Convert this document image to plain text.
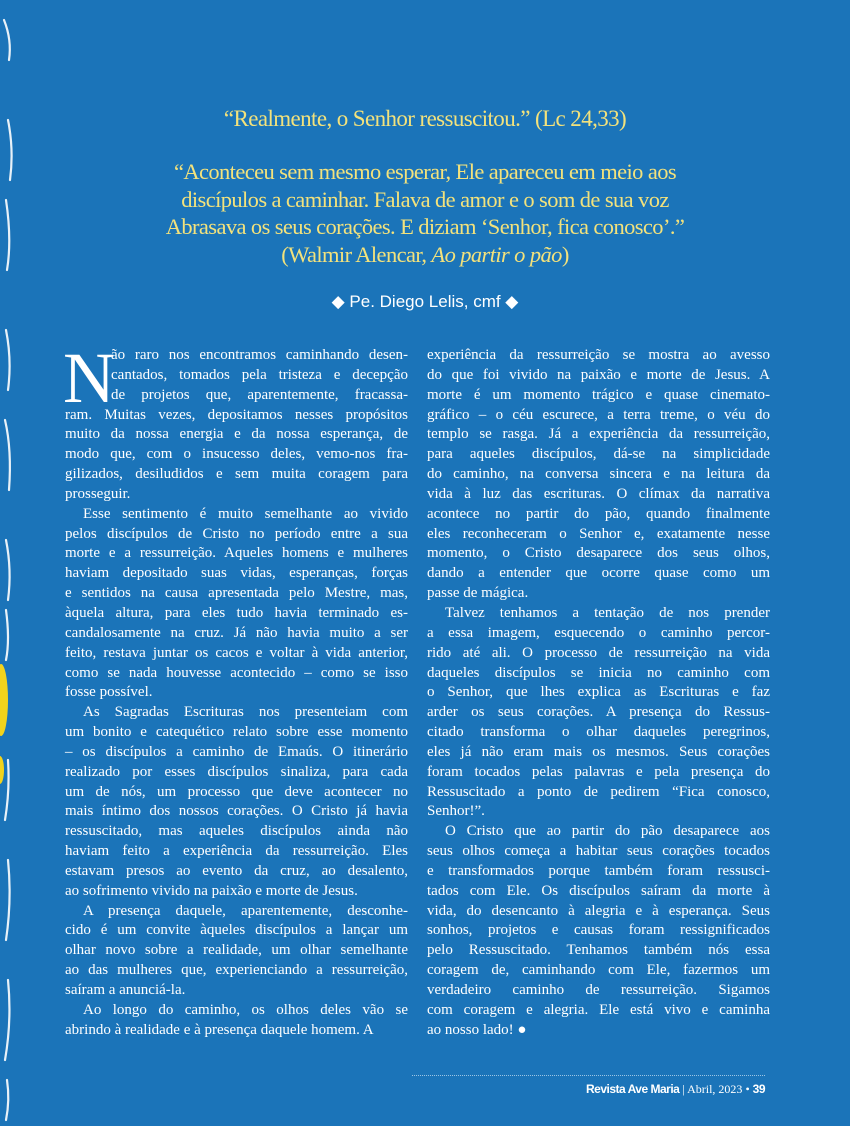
“Realmente, o Senhor ressuscitou.” (Lc 24,33)
“Aconteceu sem mesmo esperar, Ele apareceu em meio aos
discípulos a caminhar. Falava de amor e o som de sua voz
Abrasava os seus corações. E diziam ‘Senhor, fica conosco’.”
(Walmir Alencar, Ao partir o pão)
◆ Pe. Diego Lelis, cmf ◆
N
ão raro nos encontramos caminhando desen-
cantados, tomados pela tristeza e decepção
de projetos que, aparentemente, fracassa-
ram. Muitas vezes, depositamos nesses propósitos
muito da nossa energia e da nossa esperança, de
modo que, com o insucesso deles, vemo-nos fra-
gilizados, desiludidos e sem muita coragem para
prosseguir.
Esse sentimento é muito semelhante ao vivido
pelos discípulos de Cristo no período entre a sua
morte e a ressurreição. Aqueles homens e mulheres
haviam depositado suas vidas, esperanças, forças
e sentidos na causa apresentada pelo Mestre, mas,
àquela altura, para eles tudo havia terminado es-
candalosamente na cruz. Já não havia muito a ser
feito, restava juntar os cacos e voltar à vida anterior,
como se nada houvesse acontecido – como se isso
fosse possível.
As Sagradas Escrituras nos presenteiam com
um bonito e catequético relato sobre esse momento
– os discípulos a caminho de Emaús. O itinerário
realizado por esses discípulos sinaliza, para cada
um de nós, um processo que deve acontecer no
mais íntimo dos nossos corações. O Cristo já havia
ressuscitado, mas aqueles discípulos ainda não
haviam feito a experiência da ressurreição. Eles
estavam presos ao evento da cruz, ao desalento,
ao sofrimento vivido na paixão e morte de Jesus.
A presença daquele, aparentemente, desconhe-
cido é um convite àqueles discípulos a lançar um
olhar novo sobre a realidade, um olhar semelhante
ao das mulheres que, experienciando a ressurreição,
saíram a anunciá-la.
Ao longo do caminho, os olhos deles vão se
abrindo à realidade e à presença daquele homem. A
experiência da ressurreição se mostra ao avesso
do que foi vivido na paixão e morte de Jesus. A
morte é um momento trágico e quase cinemato-
gráfico – o céu escurece, a terra treme, o véu do
templo se rasga. Já a experiência da ressurreição,
para aqueles discípulos, dá-se na simplicidade
do caminho, na conversa sincera e na leitura da
vida à luz das escrituras. O clímax da narrativa
acontece no partir do pão, quando finalmente
eles reconheceram o Senhor e, exatamente nesse
momento, o Cristo desaparece dos seus olhos,
dando a entender que ocorre quase como um
passe de mágica.
Talvez tenhamos a tentação de nos prender
a essa imagem, esquecendo o caminho percor-
rido até ali. O processo de ressurreição na vida
daqueles discípulos se inicia no caminho com
o Senhor, que lhes explica as Escrituras e faz
arder os seus corações. A presença do Ressus-
citado transforma o olhar daqueles peregrinos,
eles já não eram mais os mesmos. Seus corações
foram tocados pelas palavras e pela presença do
Ressuscitado a ponto de pedirem “Fica conosco,
Senhor!”.
O Cristo que ao partir do pão desaparece aos
seus olhos começa a habitar seus corações tocados
e transformados porque também foram ressusci-
tados com Ele. Os discípulos saíram da morte à
vida, do desencanto à alegria e à esperança. Seus
sonhos, projetos e causas foram ressignificados
pelo Ressuscitado. Tenhamos também nós essa
coragem de, caminhando com Ele, fazermos um
verdadeiro caminho de ressurreição. Sigamos
com coragem e alegria. Ele está vivo e caminha
ao nosso lado! ●
Revista Ave Maria | Abril, 2023 • 39
